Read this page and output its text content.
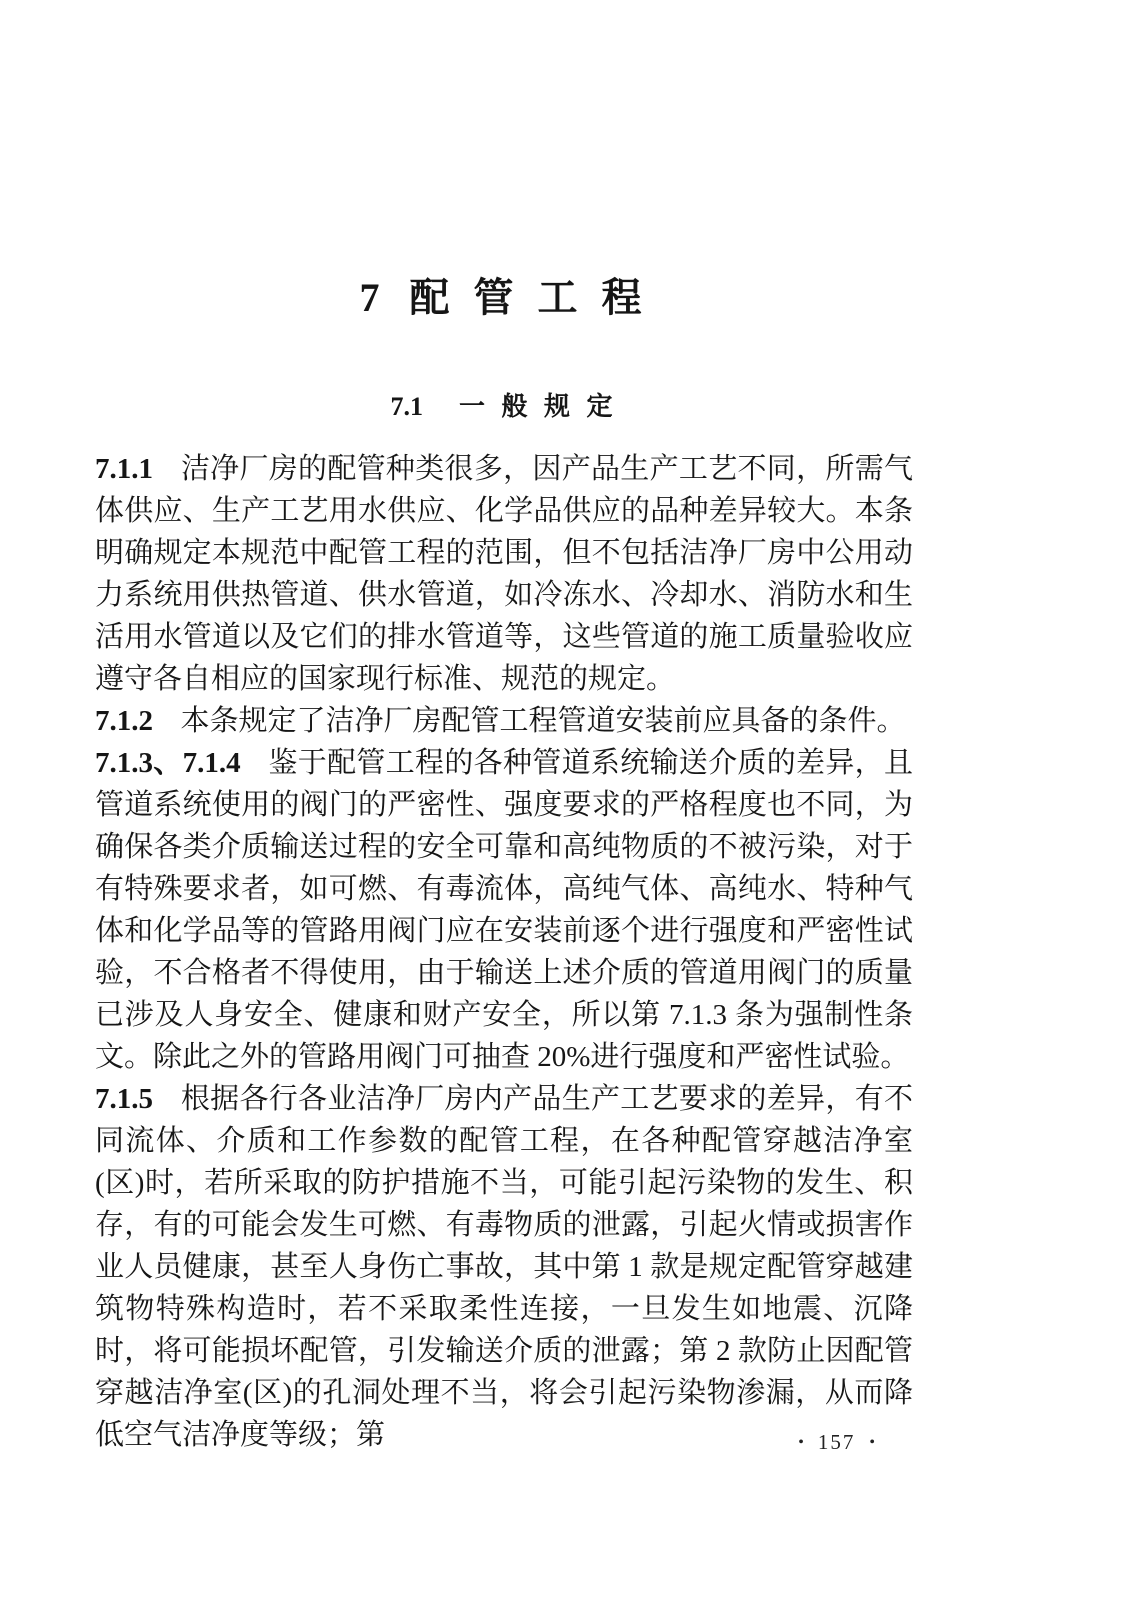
7 配 管 工 程
7.1 一 般 规 定

7.1.1 洁净厂房的配管种类很多，因产品生产工艺不同，所需气体供应、生产工艺用水供应、化学品供应的品种差异较大。本条明确规定本规范中配管工程的范围，但不包括洁净厂房中公用动力系统用供热管道、供水管道，如冷冻水、冷却水、消防水和生活用水管道以及它们的排水管道等，这些管道的施工质量验收应遵守各自相应的国家现行标准、规范的规定。

7.1.2 本条规定了洁净厂房配管工程管道安装前应具备的条件。

7.1.3、7.1.4 鉴于配管工程的各种管道系统输送介质的差异，且管道系统使用的阀门的严密性、强度要求的严格程度也不同，为确保各类介质输送过程的安全可靠和高纯物质的不被污染，对于有特殊要求者，如可燃、有毒流体，高纯气体、高纯水、特种气体和化学品等的管路用阀门应在安装前逐个进行强度和严密性试验，不合格者不得使用，由于输送上述介质的管道用阀门的质量已涉及人身安全、健康和财产安全，所以第 7.1.3 条为强制性条文。除此之外的管路用阀门可抽查 20%进行强度和严密性试验。

7.1.5 根据各行各业洁净厂房内产品生产工艺要求的差异，有不同流体、介质和工作参数的配管工程，在各种配管穿越洁净室(区)时，若所采取的防护措施不当，可能引起污染物的发生、积存，有的可能会发生可燃、有毒物质的泄露，引起火情或损害作业人员健康，甚至人身伤亡事故，其中第 1 款是规定配管穿越建筑物特殊构造时，若不采取柔性连接，一旦发生如地震、沉降时，将可能损坏配管，引发输送介质的泄露；第 2 款防止因配管穿越洁净室(区)的孔洞处理不当，将会引起污染物渗漏，从而降低空气洁净度等级；第	• 157 •
